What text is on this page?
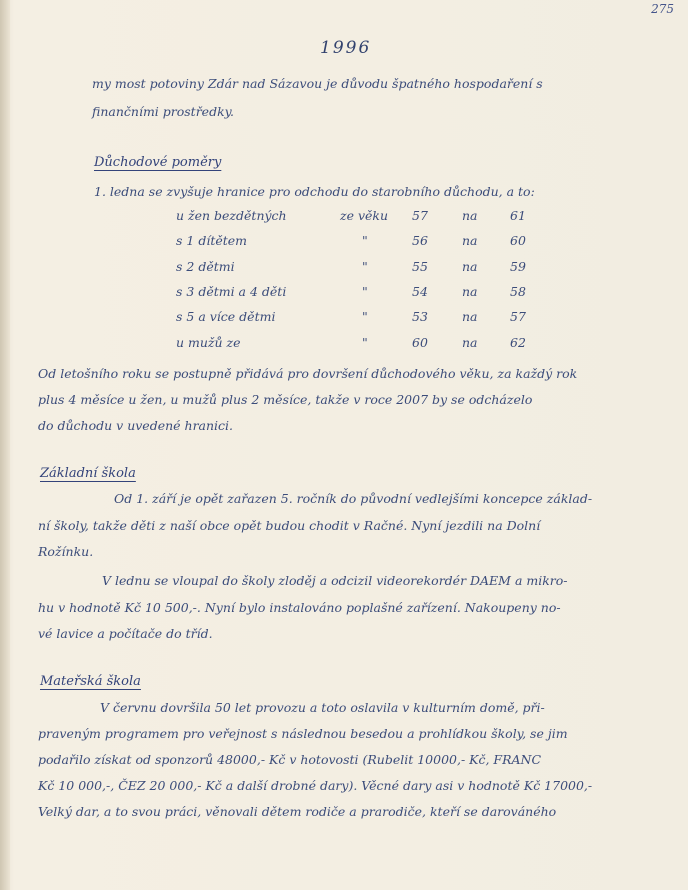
275
1996
my most potoviny Zdár nad Sázavou je důvodu špatného hospodaření s
finančními prostředky.
Důchodové poměry
1. ledna se zvyšuje hranice pro odchodu do starobního důchodu, a to:
u žen bezdětných	ze věku 57	na	61
s 1 dítětem	"	56	na	60
s 2 dětmi	"	55	na	59
s 3 dětmi a 4 děti	"	54	na	58
s 5 a více dětmi	"	53	na	57
u mužů ze	"	60	na	62
Od letošního roku se postupně přidává pro dovršení důchodového věku, za každý rok
plus 4 měsíce u žen, u mužů plus 2 měsíce, takže v roce 2007 by se odcházelo
do důchodu v uvedené hranici.
Základní škola
Od 1. září je opět zařazen 5. ročník do původní vedlejšími koncepce základ-
ní školy, takže děti z naší obce opět budou chodit v Račné. Nyní jezdili na Dolní
Rožínku.
V lednu se vloupal do školy zloděj a odcizil videorekordér DAEM a mikro-
hu v hodnotě Kč 10 500,-. Nyní bylo instalováno poplašné zařízení. Nakoupeny no-
vé lavice a počítače do tříd.
Mateřská škola
V červnu dovršila 50 let provozu a toto oslavila v kulturním domě, při-
praveným programem pro veřejnost s následnou besedou a prohlídkou školy, se jim
podařilo získat od sponzorů 48000,- Kč v hotovosti (Rubelit 10000,- Kč, FRANC
Kč 10 000,-, ČEZ 20 000,- Kč a další drobné dary). Věcné dary asi v hodnotě Kč 17000,-
Velký dar, a to svou práci, věnovali dětem rodiče a prarodiče, kteří se darováného
